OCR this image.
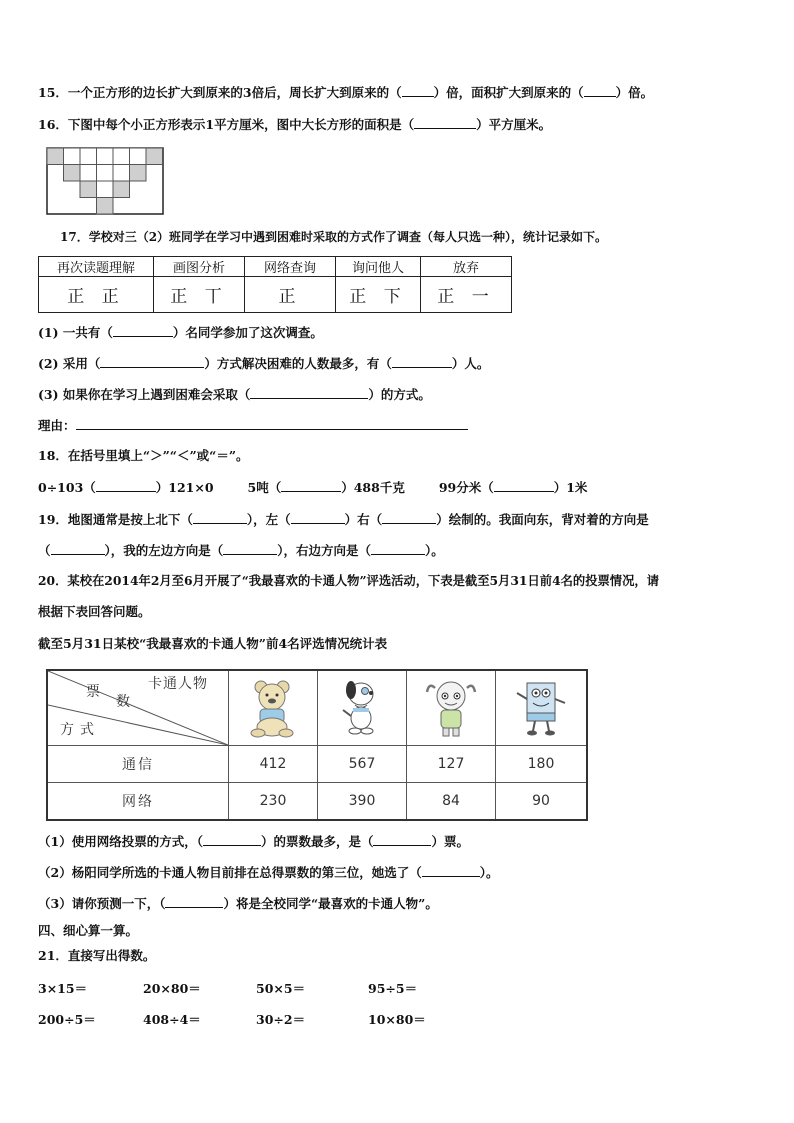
15．一个正方形的边长扩大到原来的3倍后，周长扩大到原来的（	）倍，面积扩大到原来的（	）倍。
16．下图中每个小正方形表示1平方厘米，图中大长方形的面积是（	）平方厘米。
17．学校对三（2）班同学在学习中遇到困难时采取的方式作了调查（每人只选一种），统计记录如下。
再次读题理解	画图分析	网络查询	询问他人	放弃
正 正	正 丅	正	正 下	正 一
(1) 一共有（	）名同学参加了这次调查。
(2) 采用（	）方式解决困难的人数最多，有（	）人。
(3) 如果你在学习上遇到困难会采取（	）的方式。
理由：
18．在括号里填上“＞”“＜”或“＝”。
0÷103（	）121×0	5吨（	）488千克	99分米（	）1米
19．地图通常是按上北下（	），左（	）右（	）绘制的。我面向东，背对着的方向是
（	），我的左边方向是（	），右边方向是（	）。
20．某校在2014年2月至6月开展了“我最喜欢的卡通人物”评选活动，下表是截至5月31日前4名的投票情况，请
根据下表回答问题。
截至5月31日某校“我最喜欢的卡通人物”前4名评选情况统计表
票
数
卡通人物
方式

通信	412	567	127	180
网络	230	390	84	90
（1）使用网络投票的方式，（	）的票数最多，是（	）票。
（2）杨阳同学所选的卡通人物目前排在总得票数的第三位，她选了（	）。
（3）请你预测一下，（	）将是全校同学“最喜欢的卡通人物”。
四、细心算一算。
21．直接写出得数。
3×15＝	20×80＝	50×5＝	95÷5＝
200÷5＝	408÷4＝	30÷2＝	10×80＝
